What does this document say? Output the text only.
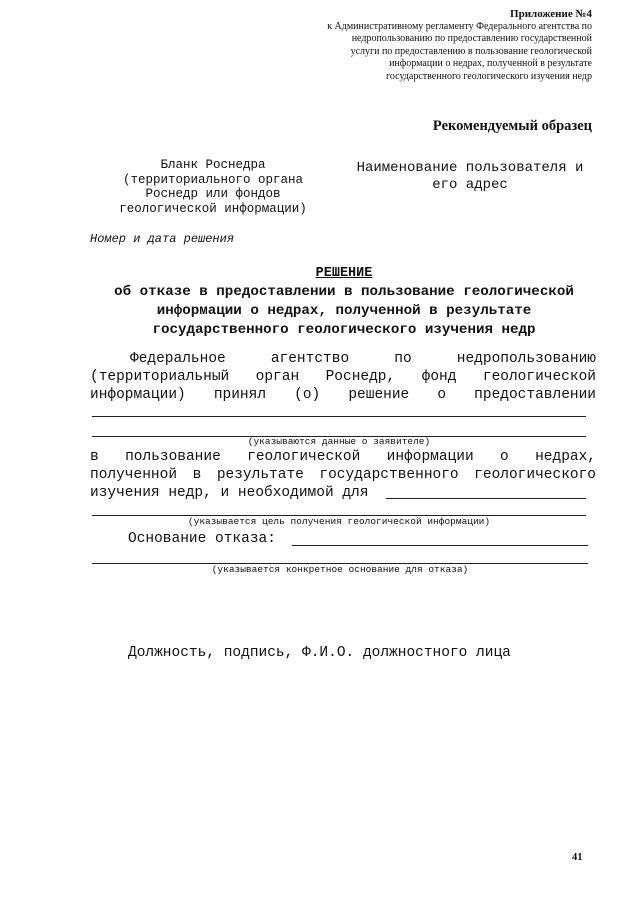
Приложение №4
к Административному регламенту Федерального агентства по
недропользованию по предоставлению государственной
услуги по предоставлению в пользование геологической
информации о недрах, полученной в результате
государственного геологического изучения недр
Рекомендуемый образец
Бланк Роснедра
(территориального органа
Роснедр или фондов
геологической информации)
Наименование пользователя и
его адрес
Номер и дата решения
РЕШЕНИЕ
об отказе в предоставлении в пользование геологической
информации о недрах, полученной в результате
государственного геологического изучения недр
Федеральное агентство по недропользованию
(территориальный орган Роснедр, фонд геологической
информации) принял (о) решение о предоставлении
(указываются данные о заявителе)
в пользование геологической информации о недрах,
полученной в результате государственного геологического
изучения недр, и необходимой для
(указывается цель получения геологической информации)
Основание отказа:
(указывается конкретное основание для отказа)
Должность, подпись, Ф.И.О. должностного лица
41
